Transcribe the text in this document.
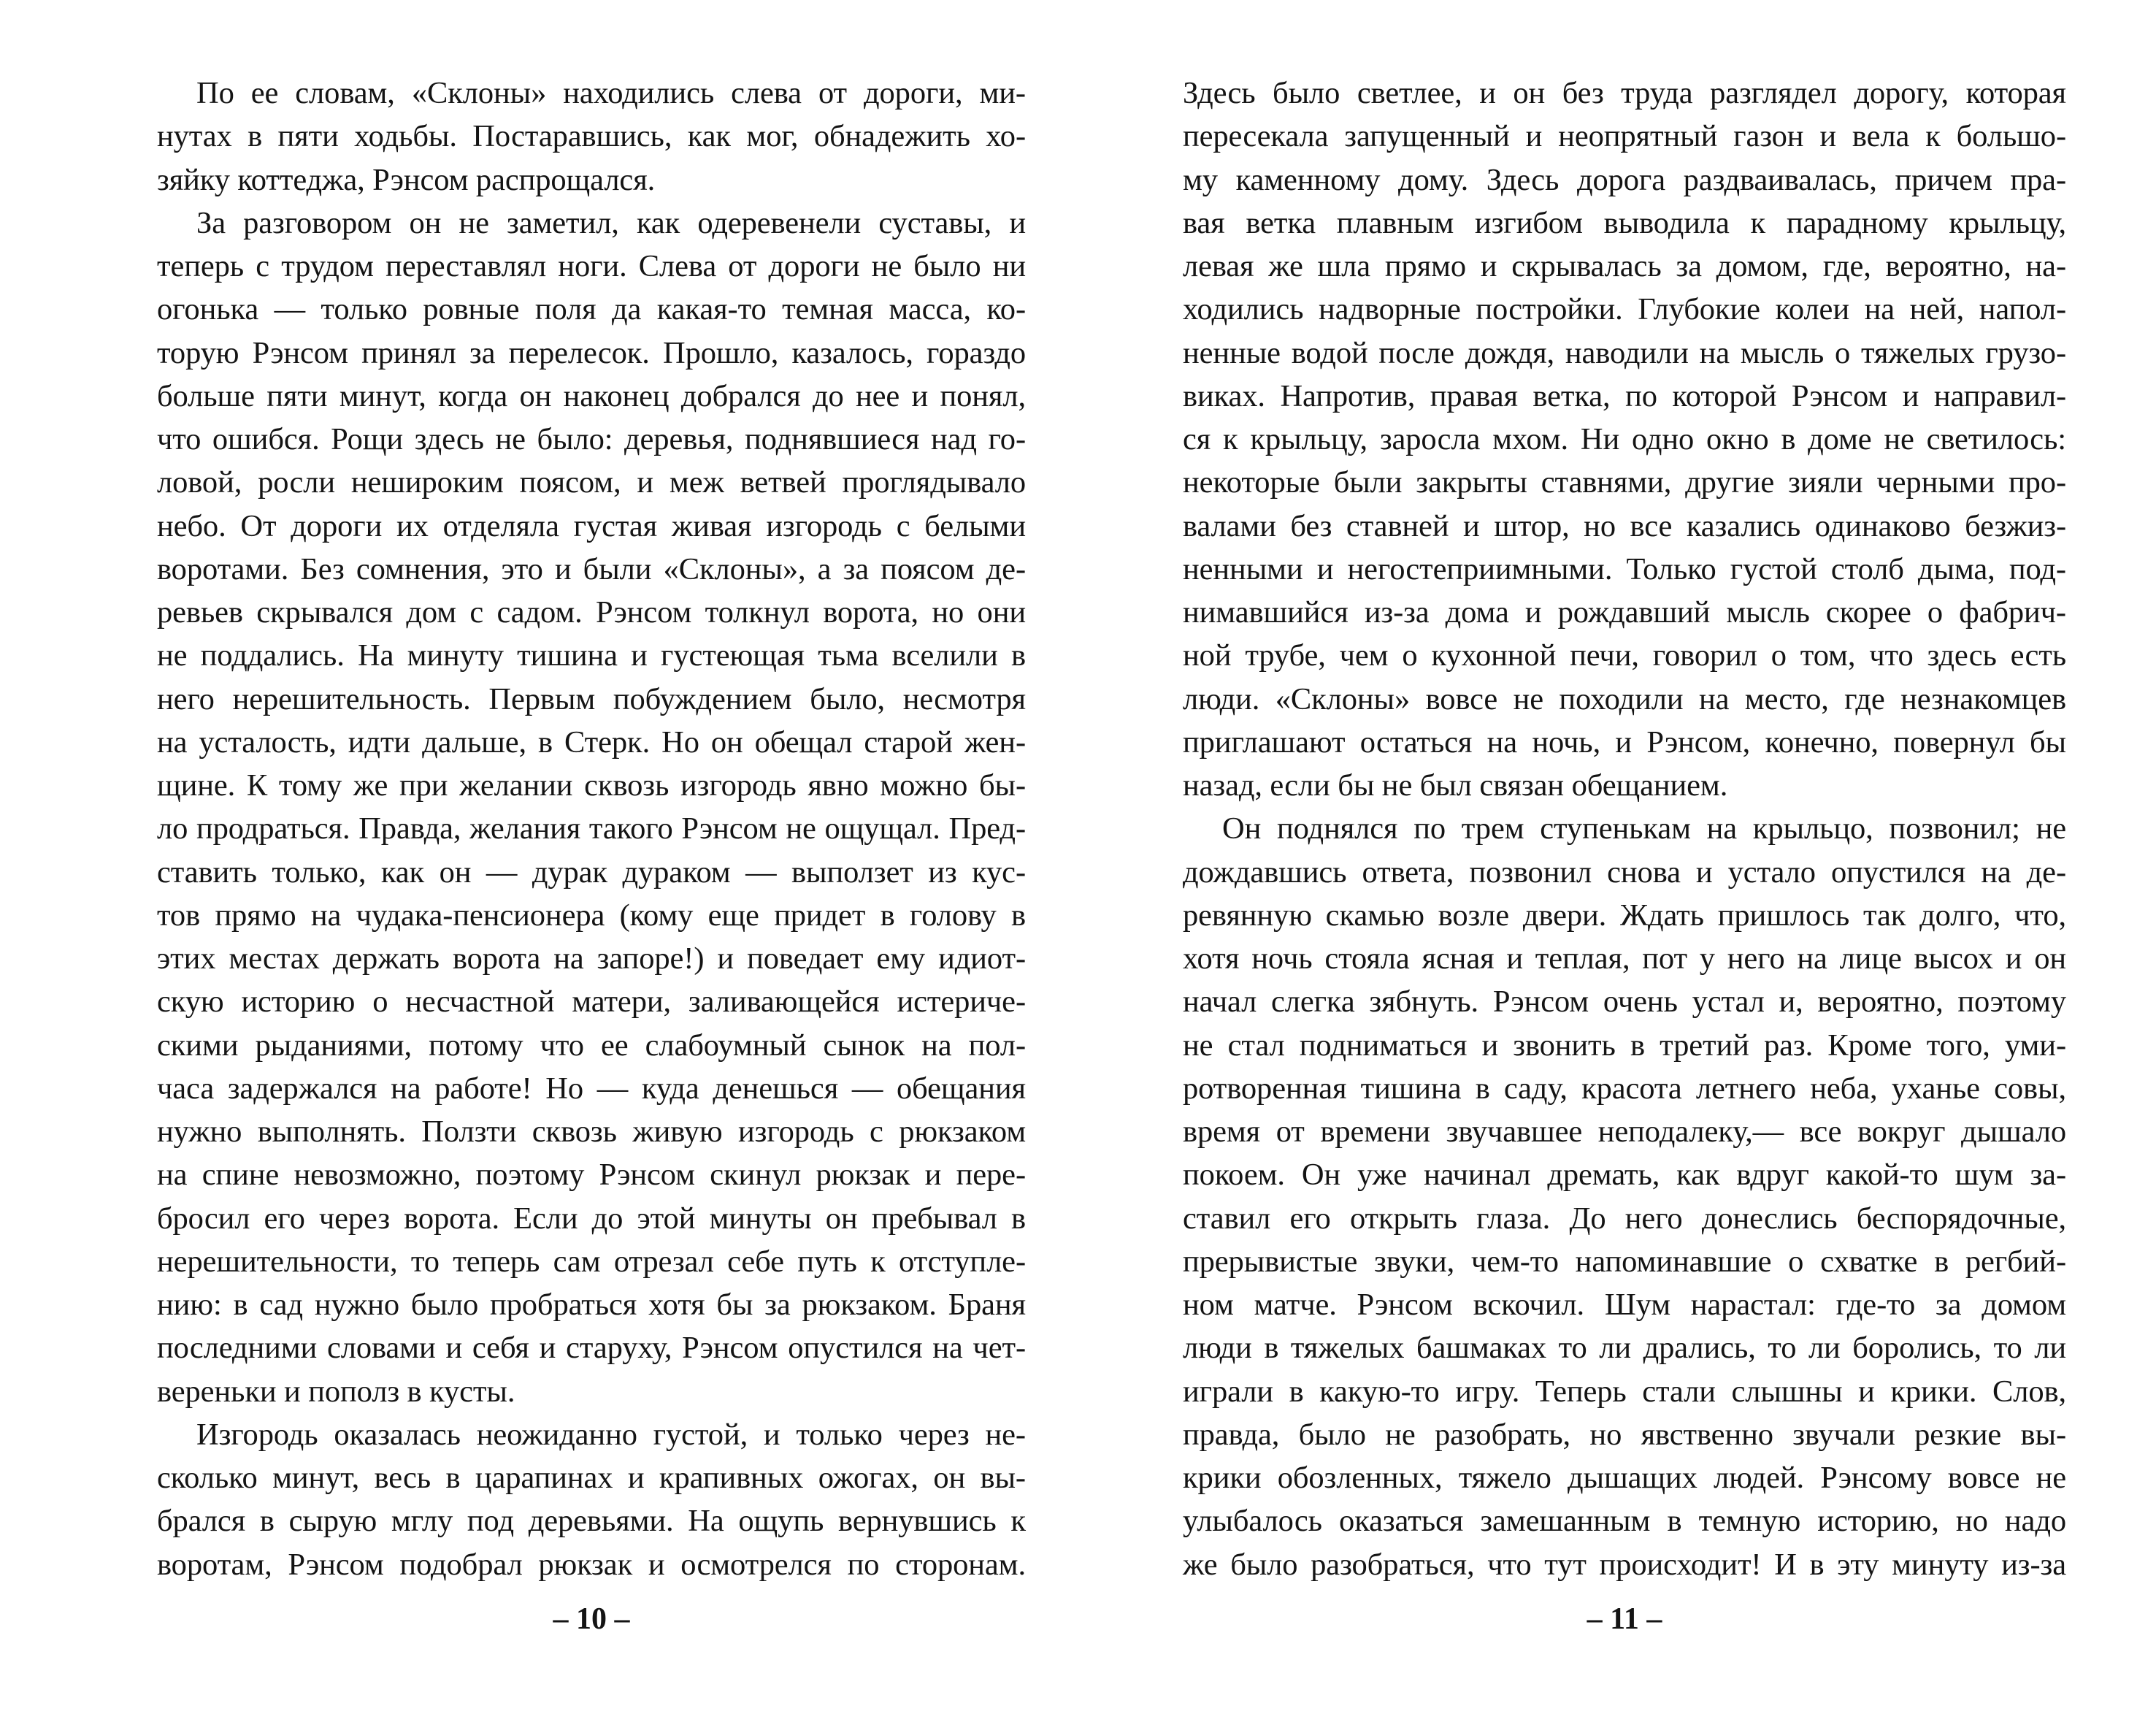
По ее словам, «Склоны» находились слева от дороги, ми-
нутах в пяти ходьбы. Постаравшись, как мог, обнадежить хо-
зяйку коттеджа, Рэнсом распрощался.
За разговором он не заметил, как одеревенели суставы, и
теперь с трудом переставлял ноги. Слева от дороги не было ни
огонька — только ровные поля да какая-то темная масса, ко-
торую Рэнсом принял за перелесок. Прошло, казалось, гораздо
больше пяти минут, когда он наконец добрался до нее и понял,
что ошибся. Рощи здесь не было: деревья, поднявшиеся над го-
ловой, росли нешироким поясом, и меж ветвей проглядывало
небо. От дороги их отделяла густая живая изгородь с белыми
воротами. Без сомнения, это и были «Склоны», а за поясом де-
ревьев скрывался дом с садом. Рэнсом толкнул ворота, но они
не поддались. На минуту тишина и густеющая тьма вселили в
него нерешительность. Первым побуждением было, несмотря
на усталость, идти дальше, в Стерк. Но он обещал старой жен-
щине. К тому же при желании сквозь изгородь явно можно бы-
ло продраться. Правда, желания такого Рэнсом не ощущал. Пред-
ставить только, как он — дурак дураком — выползет из кус-
тов прямо на чудака-пенсионера (кому еще придет в голову в
этих местах держать ворота на запоре!) и поведает ему идиот-
скую историю о несчастной матери, заливающейся истериче-
скими рыданиями, потому что ее слабоумный сынок на пол-
часа задержался на работе! Но — куда денешься — обещания
нужно выполнять. Ползти сквозь живую изгородь с рюкзаком
на спине невозможно, поэтому Рэнсом скинул рюкзак и пере-
бросил его через ворота. Если до этой минуты он пребывал в
нерешительности, то теперь сам отрезал себе путь к отступле-
нию: в сад нужно было пробраться хотя бы за рюкзаком. Браня
последними словами и себя и старуху, Рэнсом опустился на чет-
вереньки и пополз в кусты.
Изгородь оказалась неожиданно густой, и только через не-
сколько минут, весь в царапинах и крапивных ожогах, он вы-
брался в сырую мглу под деревьями. На ощупь вернувшись к
воротам, Рэнсом подобрал рюкзак и осмотрелся по сторонам.
– 10 –
Здесь было светлее, и он без труда разглядел дорогу, которая
пересекала запущенный и неопрятный газон и вела к большо-
му каменному дому. Здесь дорога раздваивалась, причем пра-
вая ветка плавным изгибом выводила к парадному крыльцу,
левая же шла прямо и скрывалась за домом, где, вероятно, на-
ходились надворные постройки. Глубокие колеи на ней, напол-
ненные водой после дождя, наводили на мысль о тяжелых грузо-
виках. Напротив, правая ветка, по которой Рэнсом и направил-
ся к крыльцу, заросла мхом. Ни одно окно в доме не светилось:
некоторые были закрыты ставнями, другие зияли черными про-
валами без ставней и штор, но все казались одинаково безжиз-
ненными и негостеприимными. Только густой столб дыма, под-
нимавшийся из-за дома и рождавший мысль скорее о фабрич-
ной трубе, чем о кухонной печи, говорил о том, что здесь есть
люди. «Склоны» вовсе не походили на место, где незнакомцев
приглашают остаться на ночь, и Рэнсом, конечно, повернул бы
назад, если бы не был связан обещанием.
Он поднялся по трем ступенькам на крыльцо, позвонил; не
дождавшись ответа, позвонил снова и устало опустился на де-
ревянную скамью возле двери. Ждать пришлось так долго, что,
хотя ночь стояла ясная и теплая, пот у него на лице высох и он
начал слегка зябнуть. Рэнсом очень устал и, вероятно, поэтому
не стал подниматься и звонить в третий раз. Кроме того, уми-
ротворенная тишина в саду, красота летнего неба, уханье совы,
время от времени звучавшее неподалеку,— все вокруг дышало
покоем. Он уже начинал дремать, как вдруг какой-то шум за-
ставил его открыть глаза. До него донеслись беспорядочные,
прерывистые звуки, чем-то напоминавшие о схватке в регбий-
ном матче. Рэнсом вскочил. Шум нарастал: где-то за домом
люди в тяжелых башмаках то ли дрались, то ли боролись, то ли
играли в какую-то игру. Теперь стали слышны и крики. Слов,
правда, было не разобрать, но явственно звучали резкие вы-
крики обозленных, тяжело дышащих людей. Рэнсому вовсе не
улыбалось оказаться замешанным в темную историю, но надо
же было разобраться, что тут происходит! И в эту минуту из-за
– 11 –
